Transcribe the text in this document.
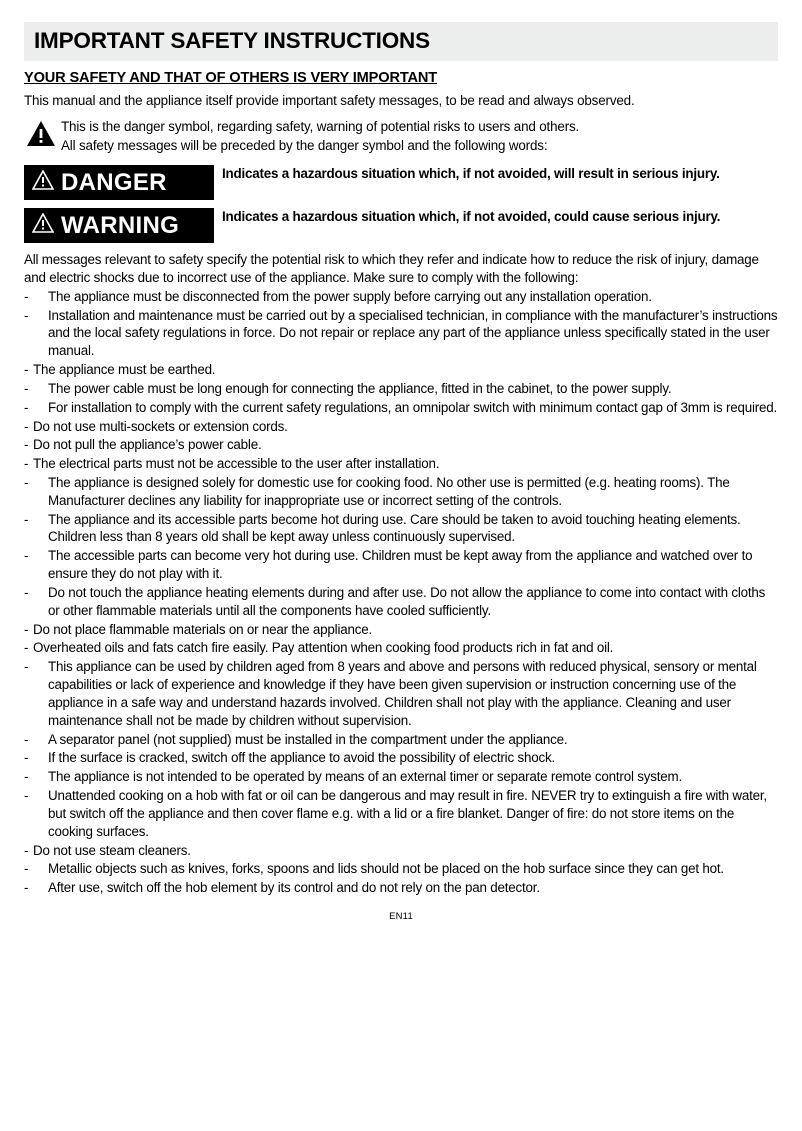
IMPORTANT SAFETY INSTRUCTIONS

YOUR SAFETY AND THAT OF OTHERS IS VERY IMPORTANT

This manual and the appliance itself provide important safety messages, to be read and always observed.

This is the danger symbol, regarding safety, warning of potential risks to users and others.
All safety messages will be preceded by the danger symbol and the following words:
DANGER	Indicates a hazardous situation which, if not avoided, will result in serious injury.
WARNING	Indicates a hazardous situation which, if not avoided, could cause serious injury.

All messages relevant to safety specify the potential risk to which they refer and indicate how to reduce the risk of injury, damage and electric shocks due to incorrect use of the appliance. Make sure to comply with the following:

-	The appliance must be disconnected from the power supply before carrying out any installation operation.
-	Installation and maintenance must be carried out by a specialised technician, in compliance with the manufacturer’s instructions and the local safety regulations in force. Do not repair or replace any part of the appliance unless specifically stated in the user manual.
- The appliance must be earthed.
-	The power cable must be long enough for connecting the appliance, fitted in the cabinet, to the power supply.
-	For installation to comply with the current safety regulations, an omnipolar switch with minimum contact gap of 3mm is required.
- Do not use multi-sockets or extension cords.
- Do not pull the appliance’s power cable.
- The electrical parts must not be accessible to the user after installation.
-	The appliance is designed solely for domestic use for cooking food. No other use is permitted (e.g. heating rooms). The Manufacturer declines any liability for inappropriate use or incorrect setting of the controls.
-	The appliance and its accessible parts become hot during use. Care should be taken to avoid touching heating elements. Children less than 8 years old shall be kept away unless continuously supervised.
-	The accessible parts can become very hot during use. Children must be kept away from the appliance and watched over to ensure they do not play with it.
-	Do not touch the appliance heating elements during and after use. Do not allow the appliance to come into contact with cloths or other flammable materials until all the components have cooled sufficiently.
- Do not place flammable materials on or near the appliance.
- Overheated oils and fats catch fire easily. Pay attention when cooking food products rich in fat and oil.
-	This appliance can be used by children aged from 8 years and above and persons with reduced physical, sensory or mental capabilities or lack of experience and knowledge if they have been given supervision or instruction concerning use of the appliance in a safe way and understand hazards involved. Children shall not play with the appliance. Cleaning and user maintenance shall not be made by children without supervision.
-	A separator panel (not supplied) must be installed in the compartment under the appliance.
-	If the surface is cracked, switch off the appliance to avoid the possibility of electric shock.
-	The appliance is not intended to be operated by means of an external timer or separate remote control system.
-	Unattended cooking on a hob with fat or oil can be dangerous and may result in fire. NEVER try to extinguish a fire with water, but switch off the appliance and then cover flame e.g. with a lid or a fire blanket. Danger of fire: do not store items on the cooking surfaces.
- Do not use steam cleaners.
-	Metallic objects such as knives, forks, spoons and lids should not be placed on the hob surface since they can get hot.
-	After use, switch off the hob element by its control and do not rely on the pan detector.
EN11
